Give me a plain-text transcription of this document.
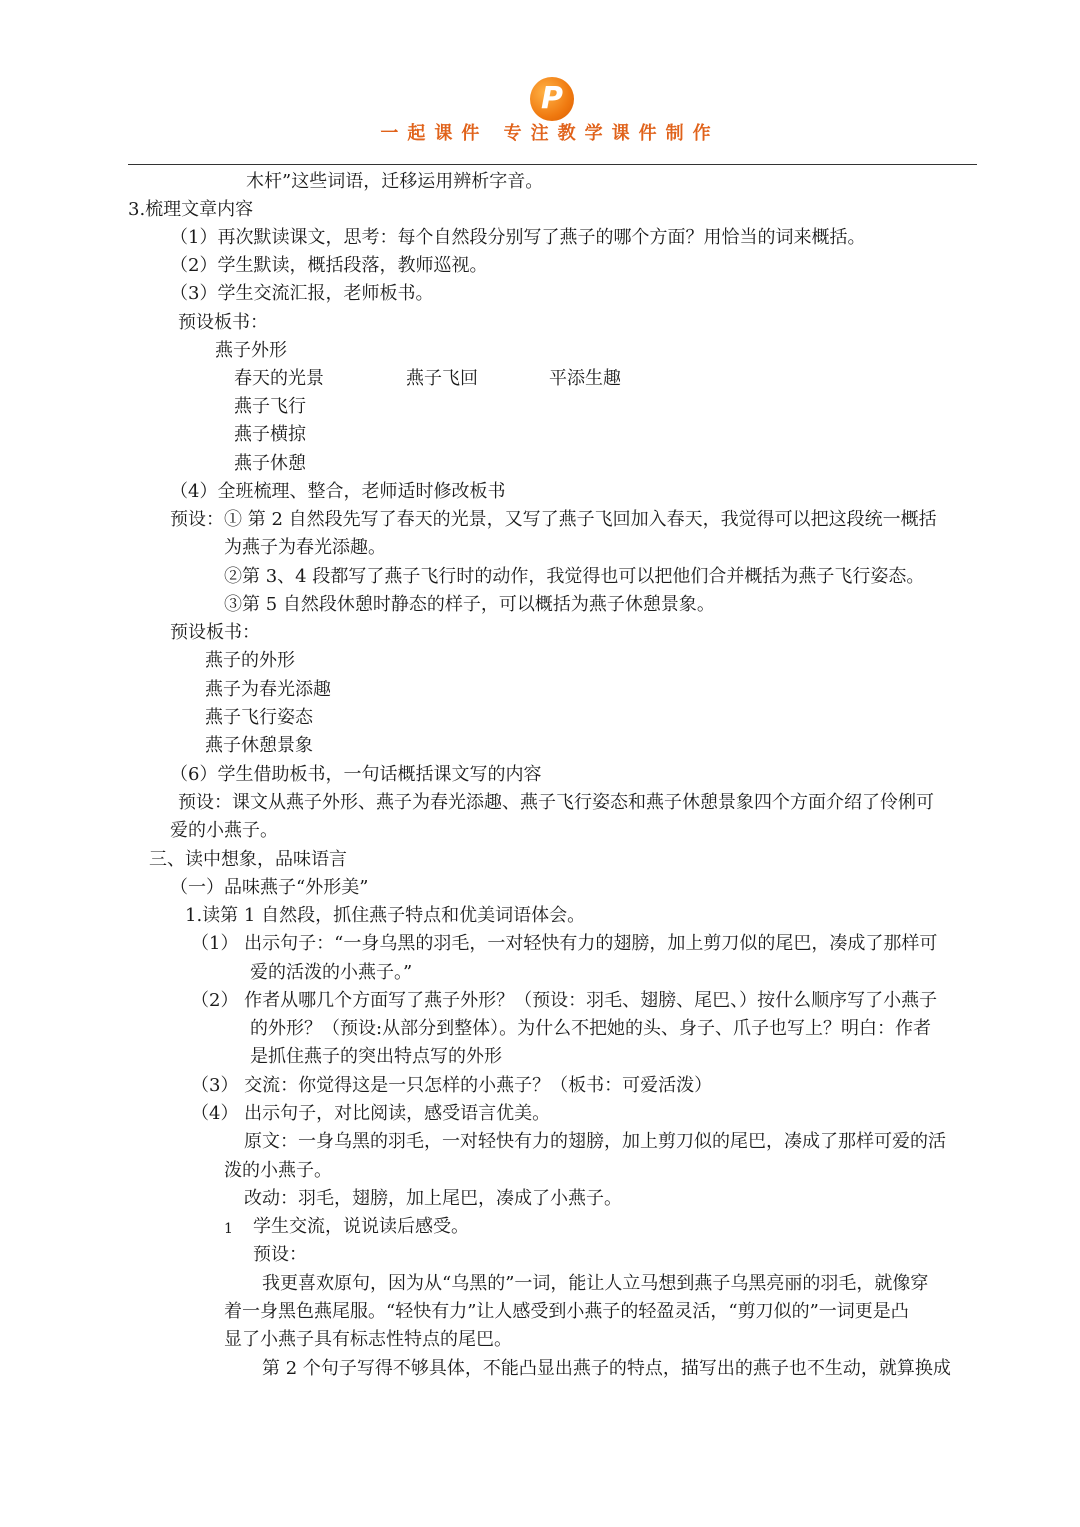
P
一起课件 专注教学课件制作
木杆”这些词语，迁移运用辨析字音。
3.梳理文章内容
（1）再次默读课文，思考：每个自然段分别写了燕子的哪个方面？用恰当的词来概括。
（2）学生默读，概括段落，教师巡视。
（3）学生交流汇报，老师板书。
预设板书：
燕子外形
春天的光景	燕子飞回	平添生趣
燕子飞行
燕子横掠
燕子休憩
（4）全班梳理、整合，老师适时修改板书
预设：① 第 2 自然段先写了春天的光景，又写了燕子飞回加入春天，我觉得可以把这段统一概括
为燕子为春光添趣。
②第 3、4 段都写了燕子飞行时的动作，我觉得也可以把他们合并概括为燕子飞行姿态。
③第 5 自然段休憩时静态的样子，可以概括为燕子休憩景象。
预设板书：
燕子的外形
燕子为春光添趣
燕子飞行姿态
燕子休憩景象
（6）学生借助板书，一句话概括课文写的内容
预设：课文从燕子外形、燕子为春光添趣、燕子飞行姿态和燕子休憩景象四个方面介绍了伶俐可
爱的小燕子。
三、读中想象，品味语言
（一）品味燕子“外形美”
1.读第 1 自然段，抓住燕子特点和优美词语体会。
（1） 出示句子：“一身乌黑的羽毛，一对轻快有力的翅膀，加上剪刀似的尾巴，凑成了那样可
爱的活泼的小燕子。”
（2） 作者从哪几个方面写了燕子外形？（预设：羽毛、翅膀、尾巴、）按什么顺序写了小燕子
的外形？（预设:从部分到整体）。为什么不把她的头、身子、爪子也写上？明白：作者
是抓住燕子的突出特点写的外形
（3） 交流：你觉得这是一只怎样的小燕子？（板书：可爱活泼）
（4） 出示句子，对比阅读，感受语言优美。
原文：一身乌黑的羽毛，一对轻快有力的翅膀，加上剪刀似的尾巴，凑成了那样可爱的活
泼的小燕子。
改动：羽毛，翅膀，加上尾巴，凑成了小燕子。
1 学生交流，说说读后感受。
预设：
我更喜欢原句，因为从“乌黑的”一词，能让人立马想到燕子乌黑亮丽的羽毛，就像穿
着一身黑色燕尾服。“轻快有力”让人感受到小燕子的轻盈灵活，“剪刀似的”一词更是凸
显了小燕子具有标志性特点的尾巴。
第 2 个句子写得不够具体，不能凸显出燕子的特点，描写出的燕子也不生动，就算换成
